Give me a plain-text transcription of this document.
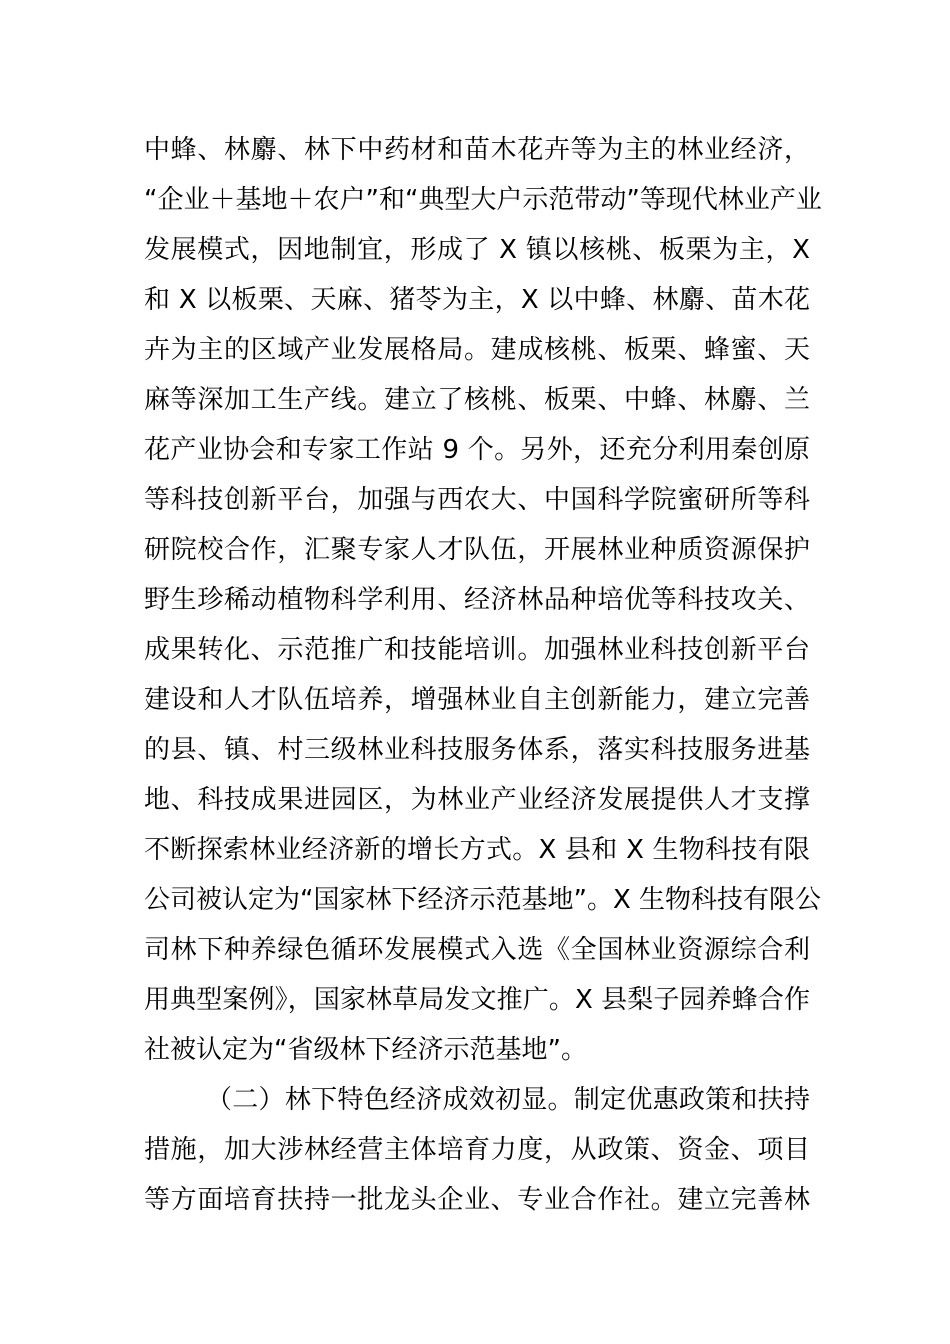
中蜂、林麝、林下中药材和苗木花卉等为主的林业经济，
“企业＋基地＋农户”和“典型大户示范带动”等现代林业产业
发展模式，因地制宜，形成了 X 镇以核桃、板栗为主，X
和 X 以板栗、天麻、猪苓为主，X 以中蜂、林麝、苗木花
卉为主的区域产业发展格局。建成核桃、板栗、蜂蜜、天
麻等深加工生产线。建立了核桃、板栗、中蜂、林麝、兰
花产业协会和专家工作站 9 个。另外，还充分利用秦创原
等科技创新平台，加强与西农大、中国科学院蜜研所等科
研院校合作，汇聚专家人才队伍，开展林业种质资源保护
野生珍稀动植物科学利用、经济林品种培优等科技攻关、
成果转化、示范推广和技能培训。加强林业科技创新平台
建设和人才队伍培养，增强林业自主创新能力，建立完善
的县、镇、村三级林业科技服务体系，落实科技服务进基
地、科技成果进园区，为林业产业经济发展提供人才支撑
不断探索林业经济新的增长方式。X 县和 X 生物科技有限
公司被认定为“国家林下经济示范基地”。X 生物科技有限公
司林下种养绿色循环发展模式入选《全国林业资源综合利
用典型案例》，国家林草局发文推广。X 县梨子园养蜂合作
社被认定为“省级林下经济示范基地”。
（二）林下特色经济成效初显。制定优惠政策和扶持
措施，加大涉林经营主体培育力度，从政策、资金、项目
等方面培育扶持一批龙头企业、专业合作社。建立完善林
